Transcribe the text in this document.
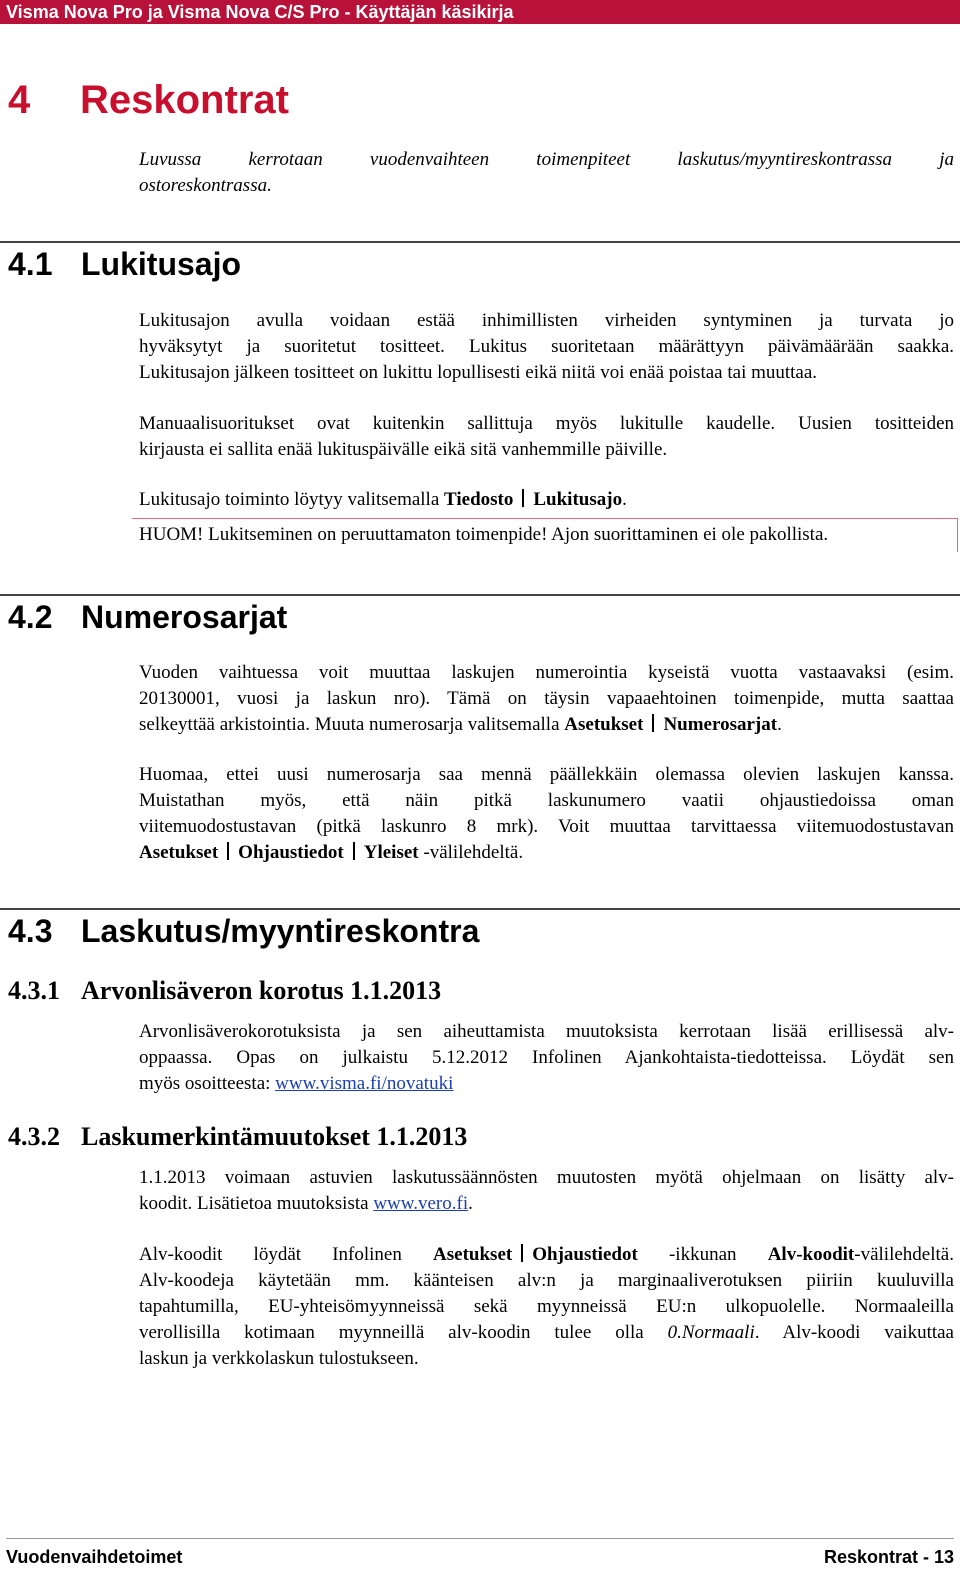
Visma Nova Pro ja Visma Nova C/S Pro - Käyttäjän käsikirja
4 Reskontrat
Luvussa kerrotaan vuodenvaihteen toimenpiteet laskutus/myyntireskontrassa ja
ostoreskontrassa.
4.1 Lukitusajo
Lukitusajon avulla voidaan estää inhimillisten virheiden syntyminen ja turvata jo
hyväksytyt ja suoritetut tositteet. Lukitus suoritetaan määrättyyn päivämäärään saakka.
Lukitusajon jälkeen tositteet on lukittu lopullisesti eikä niitä voi enää poistaa tai muuttaa.
Manuaalisuoritukset ovat kuitenkin sallittuja myös lukitulle kaudelle. Uusien tositteiden
kirjausta ei sallita enää lukituspäivälle eikä sitä vanhemmille päiville.
Lukitusajo toiminto löytyy valitsemalla Tiedosto Lukitusajo.
HUOM! Lukitseminen on peruuttamaton toimenpide! Ajon suorittaminen ei ole pakollista.
4.2 Numerosarjat
Vuoden vaihtuessa voit muuttaa laskujen numerointia kyseistä vuotta vastaavaksi (esim.
20130001, vuosi ja laskun nro). Tämä on täysin vapaaehtoinen toimenpide, mutta saattaa
selkeyttää arkistointia. Muuta numerosarja valitsemalla Asetukset Numerosarjat.
Huomaa, ettei uusi numerosarja saa mennä päällekkäin olemassa olevien laskujen kanssa.
Muistathan myös, että näin pitkä laskunumero vaatii ohjaustiedoissa oman
viitemuodostustavan (pitkä laskunro 8 mrk). Voit muuttaa tarvittaessa viitemuodostustavan
Asetukset Ohjaustiedot Yleiset -välilehdeltä.
4.3 Laskutus/myyntireskontra
4.3.1 Arvonlisäveron korotus 1.1.2013
Arvonlisäverokorotuksista ja sen aiheuttamista muutoksista kerrotaan lisää erillisessä alv-
oppaassa. Opas on julkaistu 5.12.2012 Infolinen Ajankohtaista-tiedotteissa. Löydät sen
myös osoitteesta: www.visma.fi/novatuki
4.3.2 Laskumerkintämuutokset 1.1.2013
1.1.2013 voimaan astuvien laskutussäännösten muutosten myötä ohjelmaan on lisätty alv-
koodit. Lisätietoa muutoksista www.vero.fi.
Alv-koodit löydät Infolinen Asetukset Ohjaustiedot -ikkunan Alv-koodit-välilehdeltä.
Alv-koodeja käytetään mm. käänteisen alv:n ja marginaaliverotuksen piiriin kuuluvilla
tapahtumilla, EU-yhteisömyynneissä sekä myynneissä EU:n ulkopuolelle. Normaaleilla
verollisilla kotimaan myynneillä alv-koodin tulee olla 0.Normaali. Alv-koodi vaikuttaa
laskun ja verkkolaskun tulostukseen.
Vuodenvaihdetoimet	Reskontrat - 13
